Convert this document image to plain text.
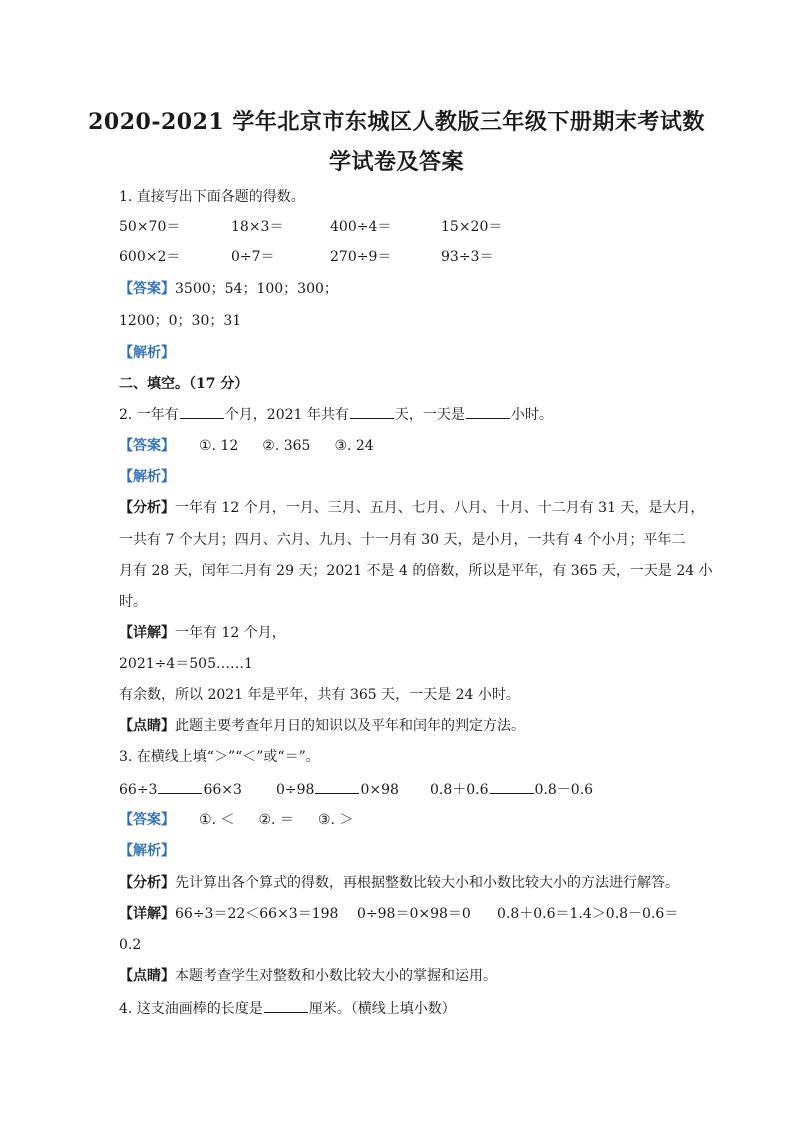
2020-2021 学年北京市东城区人教版三年级下册期末考试数
学试卷及答案
1. 直接写出下面各题的得数。
50×70＝	18×3＝	400÷4＝	15×20＝
600×2＝	0÷7＝	270÷9＝	93÷3＝
【答案】3500；54；100；300；
1200；0；30；31
【解析】
二、填空。（17 分）
2. 一年有	个月，2021 年共有	天，一天是	小时。
【答案】 ①. 12 ②. 365 ③. 24
【解析】
【分析】一年有 12 个月，一月、三月、五月、七月、八月、十月、十二月有 31 天，是大月，
一共有 7 个大月；四月、六月、九月、十一月有 30 天，是小月，一共有 4 个小月；平年二
月有 28 天，闰年二月有 29 天；2021 不是 4 的倍数，所以是平年，有 365 天，一天是 24 小
时。
【详解】一年有 12 个月，
2021÷4＝505……1
有余数，所以 2021 年是平年，共有 365 天，一天是 24 小时。
【点睛】此题主要考查年月日的知识以及平年和闰年的判定方法。
3. 在横线上填“＞”“＜”或“＝”。
66÷3	66×3 0÷98	0×98 0.8＋0.6	0.8－0.6
【答案】 ①. ＜ ②. ＝ ③. ＞
【解析】
【分析】先计算出各个算式的得数，再根据整数比较大小和小数比较大小的方法进行解答。
【详解】66÷3＝22＜66×3＝198 0÷98＝0×98＝0 0.8＋0.6＝1.4＞0.8－0.6＝
0.2
【点睛】本题考查学生对整数和小数比较大小的掌握和运用。
4. 这支油画棒的长度是	厘米。（横线上填小数）
